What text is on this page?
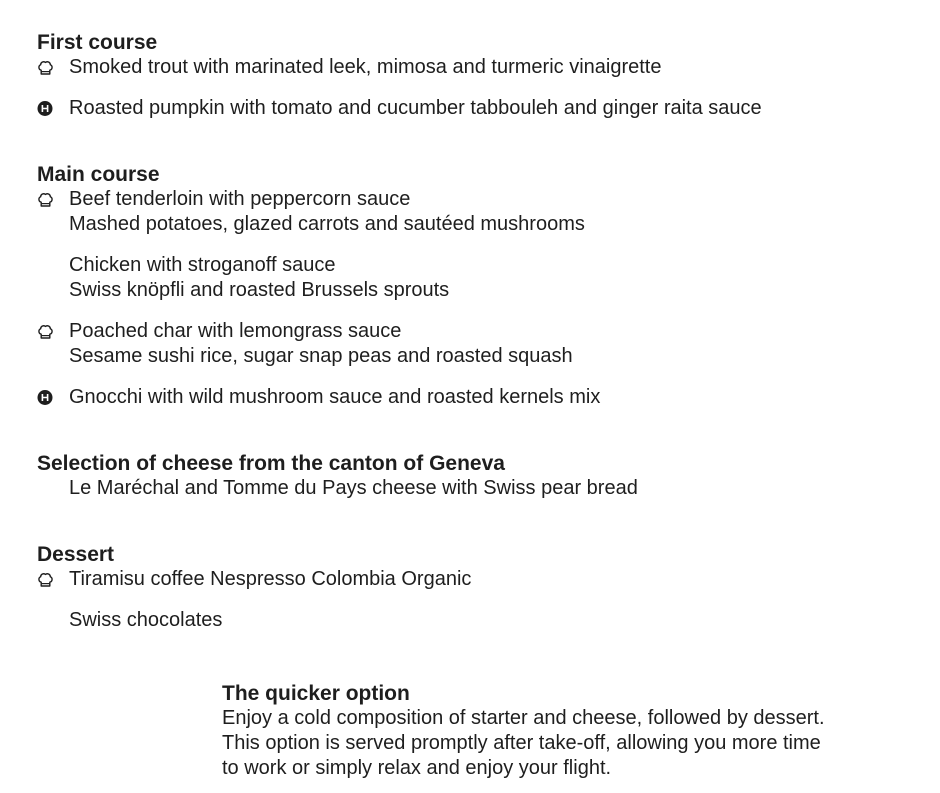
First course
Smoked trout with marinated leek, mimosa and turmeric vinaigrette
Roasted pumpkin with tomato and cucumber tabbouleh and ginger raita sauce
Main course
Beef tenderloin with peppercorn sauce
Mashed potatoes, glazed carrots and sautéed mushrooms
Chicken with stroganoff sauce
Swiss knöpfli and roasted Brussels sprouts
Poached char with lemongrass sauce
Sesame sushi rice, sugar snap peas and roasted squash
Gnocchi with wild mushroom sauce and roasted kernels mix
Selection of cheese from the canton of Geneva
Le Maréchal and Tomme du Pays cheese with Swiss pear bread
Dessert
Tiramisu coffee Nespresso Colombia Organic
Swiss chocolates
The quicker option
Enjoy a cold composition of starter and cheese, followed by dessert.
This option is served promptly after take-off, allowing you more time
to work or simply relax and enjoy your flight.
